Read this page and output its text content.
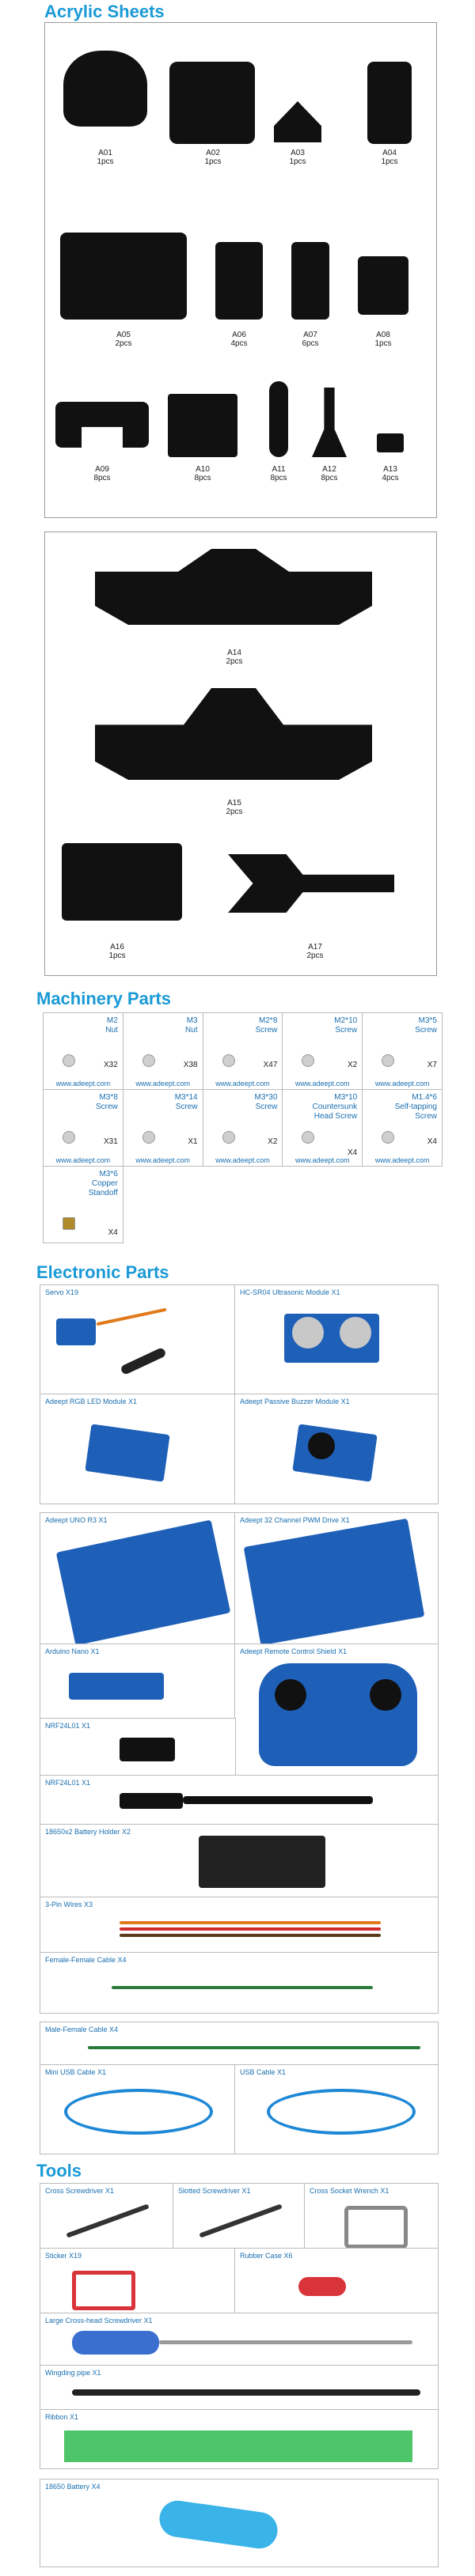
Acrylic Sheets
A01
1pcs
A02
1pcs
A03
1pcs
A04
1pcs
A05
2pcs
A06
4pcs
A07
6pcs
A08
1pcs
A09
8pcs
A10
8pcs
A11
8pcs
A12
8pcs
A13
4pcs
A14
2pcs
A15
2pcs
A16
1pcs
A17
2pcs
Machinery Parts
M2
Nut
X32
www.adeept.com
M3
Nut
X38
www.adeept.com
M2*8
Screw
X47
www.adeept.com
M2*10
Screw
X2
www.adeept.com
M3*5
Screw
X7
www.adeept.com
M3*8
Screw
X31
www.adeept.com
M3*14
Screw
X1
www.adeept.com
M3*30
Screw
X2
www.adeept.com
M3*10
Countersunk Head Screw
X4
www.adeept.com
M1.4*6
Self-tapping Screw
X4
www.adeept.com
M3*6
Copper Standoff
X4
Electronic Parts
Servo X19	HC-SR04 Ultrasonic Module X1
Adeept RGB LED Module X1	Adeept Passive Buzzer Module X1
Adeept UNO R3 X1	Adeept 32 Channel PWM Drive X1
Arduino Nano X1	Adeept Remote Control Shield X1
NRF24L01 X1
NRF24L01 X1
18650x2 Battery Holder X2
3-Pin Wires X3
Female-Female Cable X4
Male-Female Cable X4
Mini USB Cable X1	USB Cable X1
Tools
Cross Screwdriver X1	Slotted Screwdriver X1	Cross Socket Wrench X1
Sticker X19	Rubber Case X6
Large Cross-head Screwdriver X1
Wingding pipe X1
Ribbon X1
18650 Battery X4
